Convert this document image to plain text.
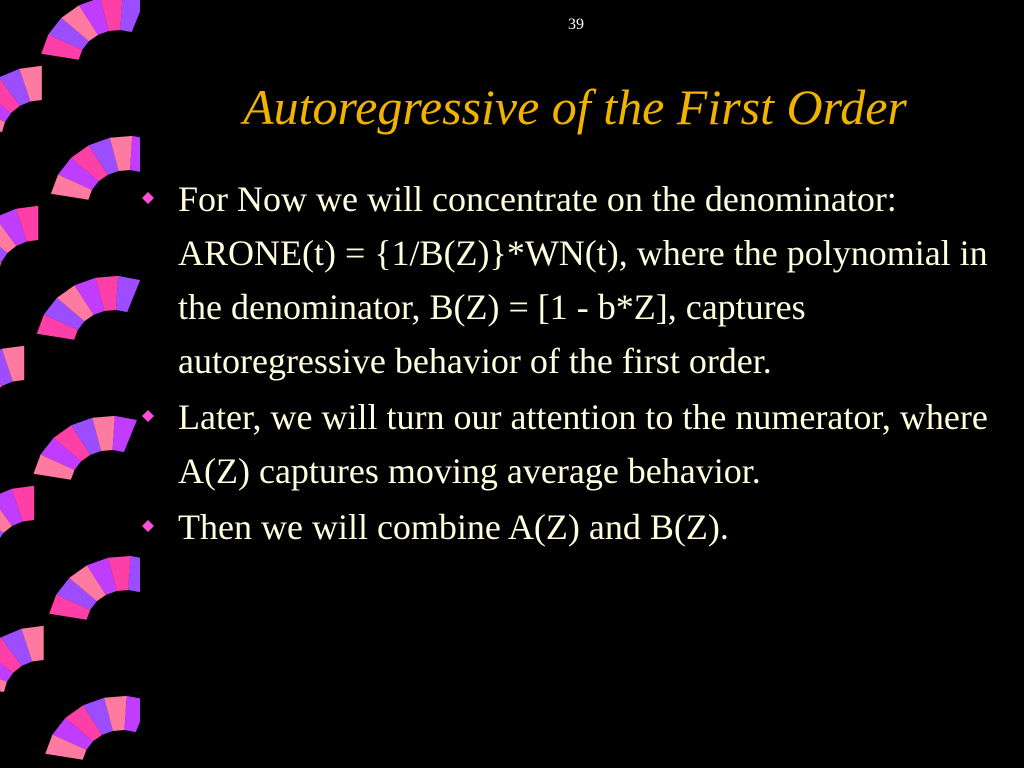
39
Autoregressive of the First Order
For Now we will concentrate on the denominator: ARONE(t) = {1/B(Z)}*WN(t), where the polynomial in the denominator, B(Z) = [1 - b*Z], captures autoregressive behavior of the first order.
Later, we will turn our attention to the numerator, where A(Z) captures moving average behavior.
Then we will combine A(Z) and B(Z).
